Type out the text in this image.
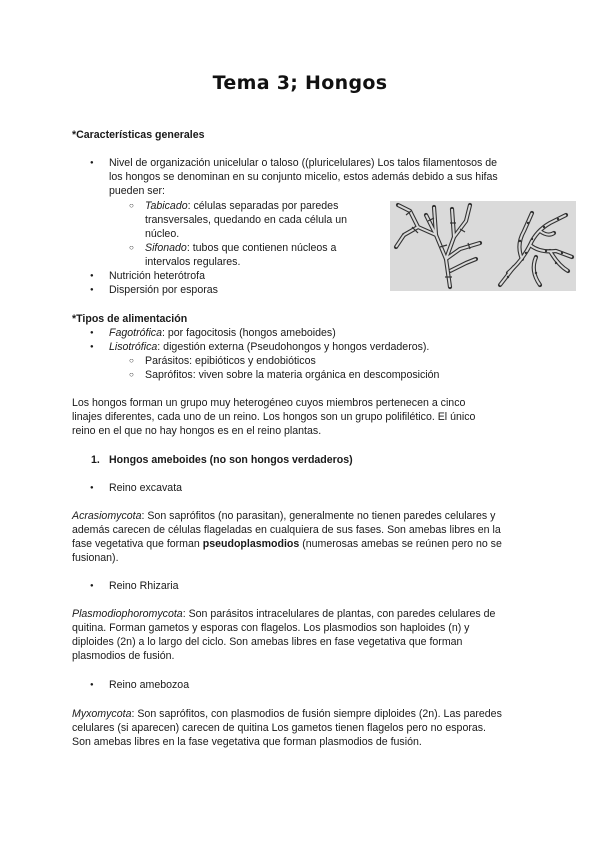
Tema 3; Hongos
*Características generales
● Nivel de organización unicelular o taloso ((pluricelulares) Los talos filamentosos de
los hongos se denominan en su conjunto micelio, estos además debido a sus hifas
pueden ser:
○ Tabicado: células separadas por paredes
transversales, quedando en cada célula un
núcleo.
○ Sifonado: tubos que contienen núcleos a
intervalos regulares.
● Nutrición heterótrofa
● Dispersión por esporas
*Tipos de alimentación
● Fagotrófica: por fagocitosis (hongos ameboides)
● Lisotrófica: digestión externa (Pseudohongos y hongos verdaderos).
○ Parásitos: epibióticos y endobióticos
○ Saprófitos: viven sobre la materia orgánica en descomposición
Los hongos forman un grupo muy heterogéneo cuyos miembros pertenecen a cinco
linajes diferentes, cada uno de un reino. Los hongos son un grupo polifilético. El único
reino en el que no hay hongos es en el reino plantas.
1. Hongos ameboides (no son hongos verdaderos)
● Reino excavata
Acrasiomycota: Son saprófitos (no parasitan), generalmente no tienen paredes celulares y
además carecen de células flageladas en cualquiera de sus fases. Son amebas libres en la
fase vegetativa que forman pseudoplasmodios (numerosas amebas se reúnen pero no se
fusionan).
● Reino Rhizaria
Plasmodiophoromycota: Son parásitos intracelulares de plantas, con paredes celulares de
quitina. Forman gametos y esporas con flagelos. Los plasmodios son haploides (n) y
diploides (2n) a lo largo del ciclo. Son amebas libres en fase vegetativa que forman
plasmodios de fusión.
● Reino amebozoa
Myxomycota: Son saprófitos, con plasmodios de fusión siempre diploides (2n). Las paredes
celulares (si aparecen) carecen de quitina Los gametos tienen flagelos pero no esporas.
Son amebas libres en la fase vegetativa que forman plasmodios de fusión.
